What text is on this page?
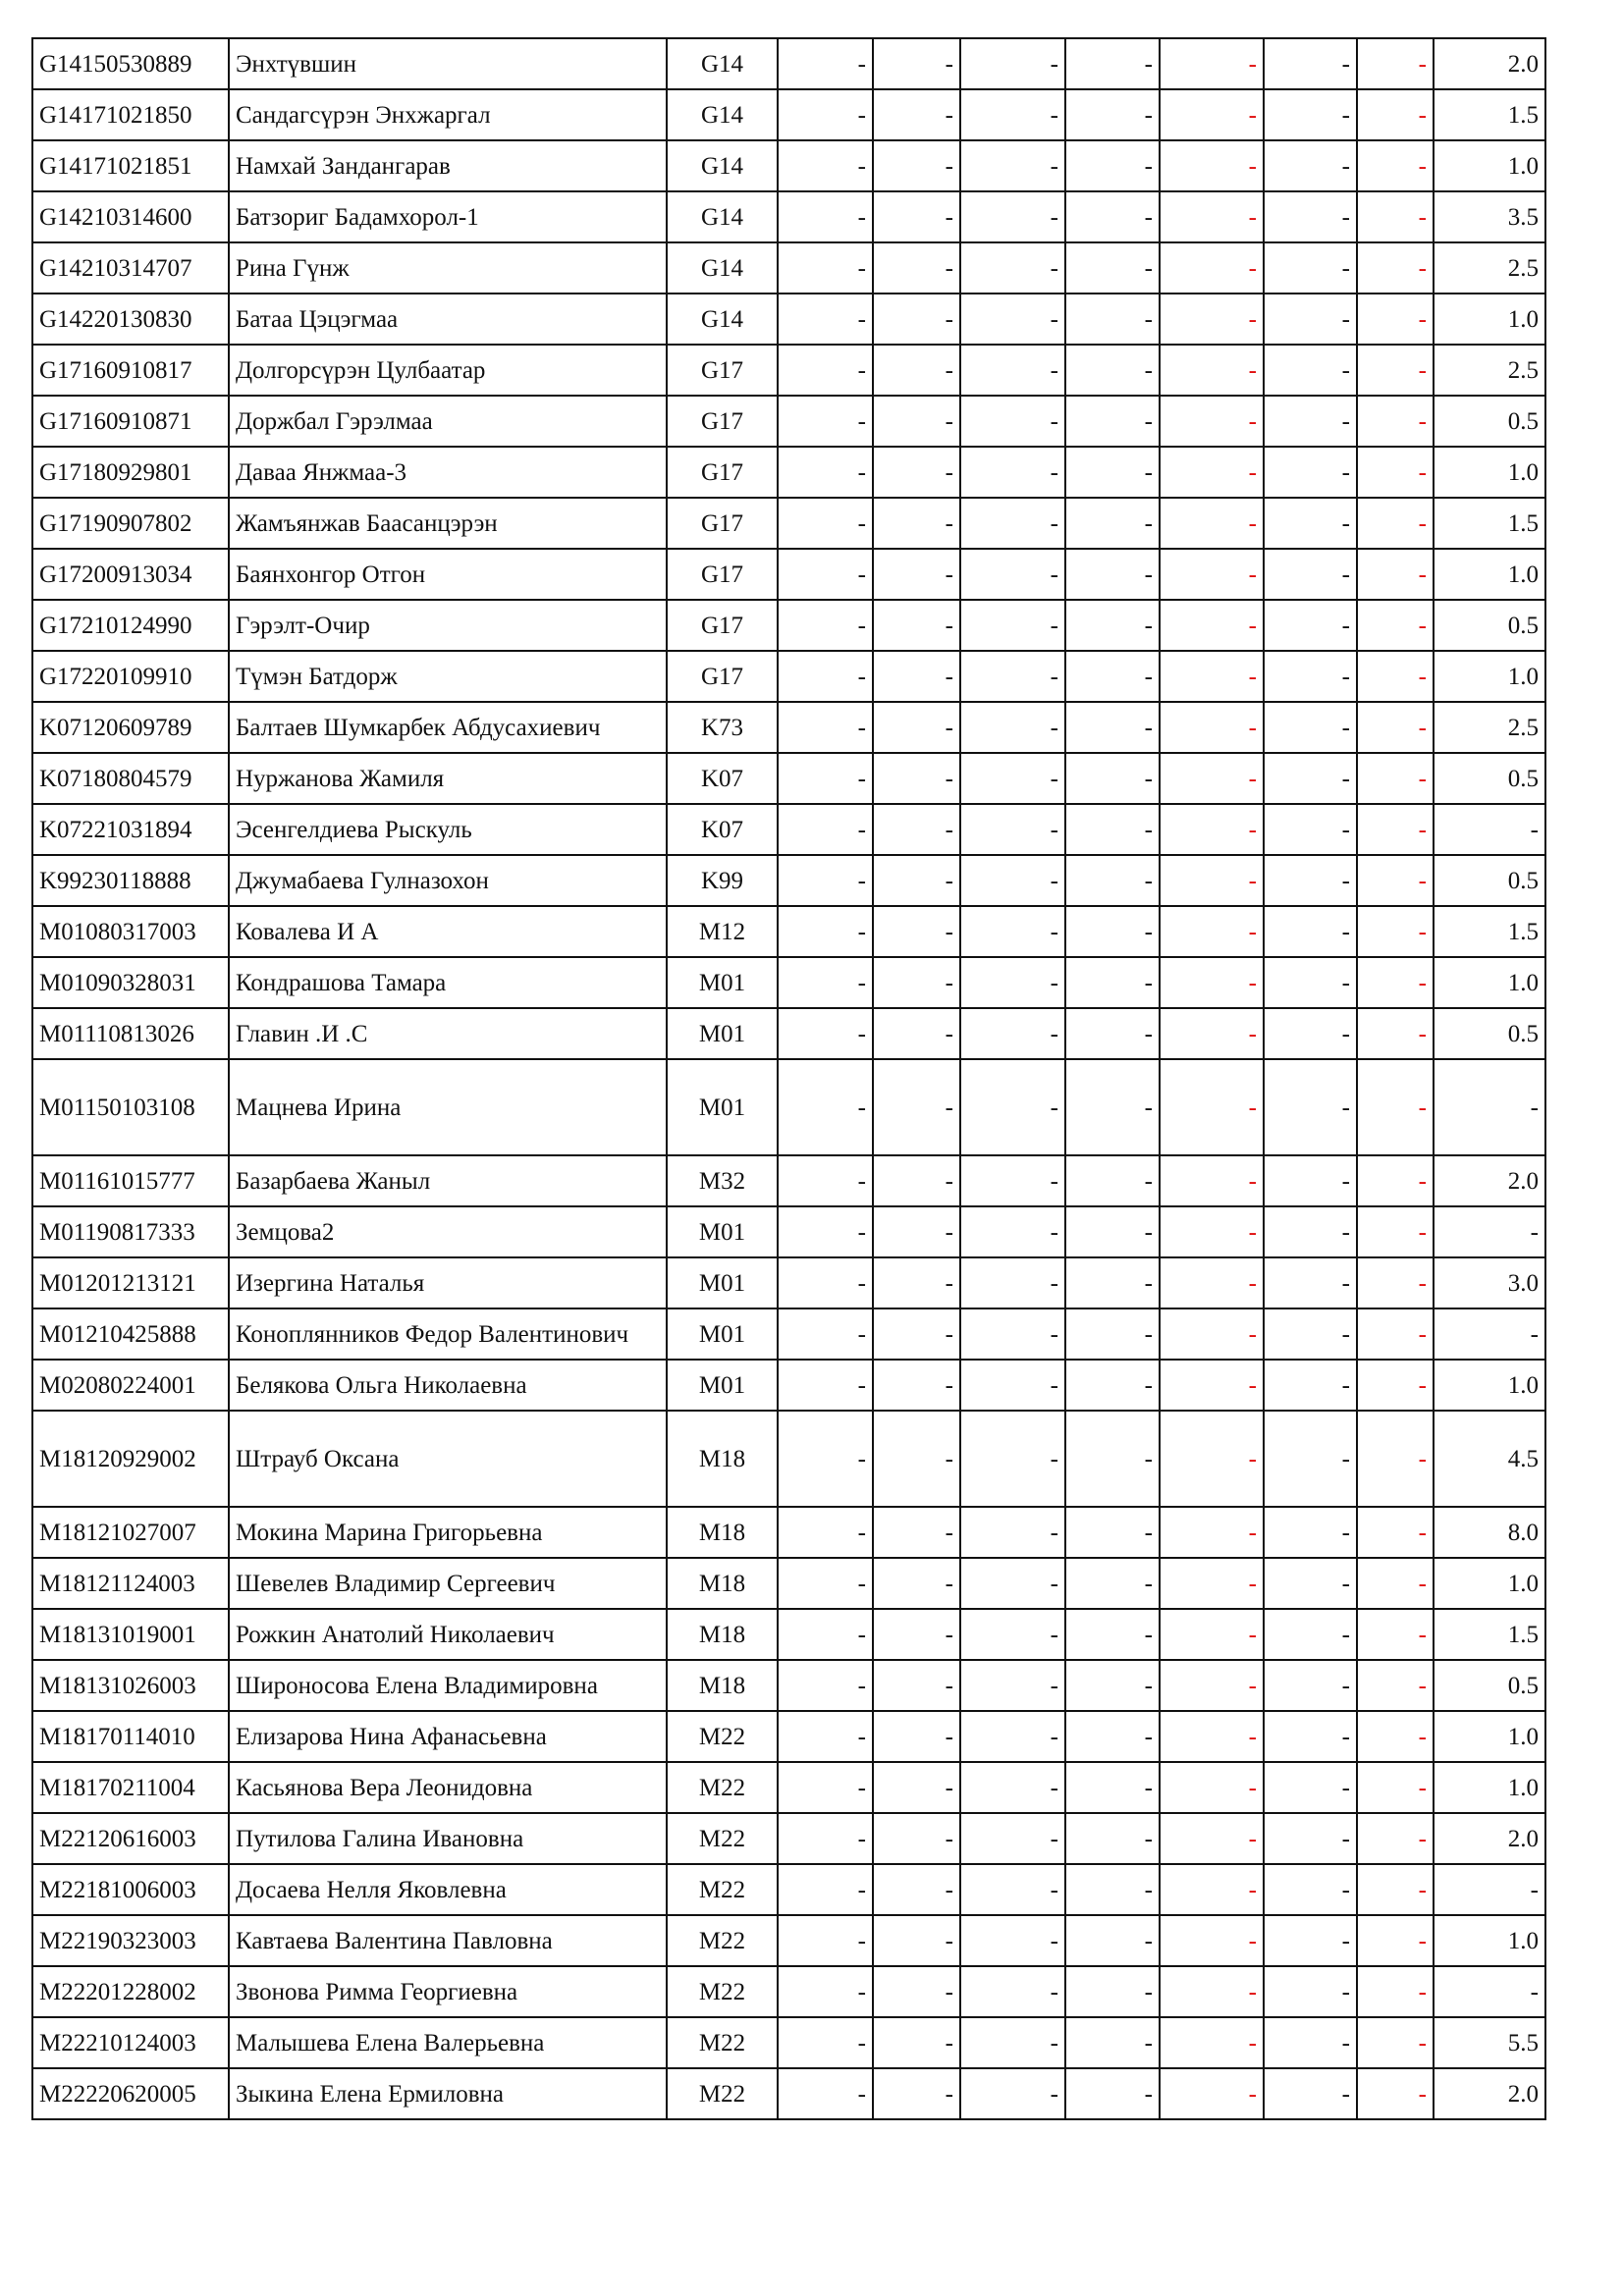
G14150530889	Энхтүвшин	G14	-	-	-	-	-	-	-	2.0
G14171021850	Сандагсүрэн Энхжаргал	G14	-	-	-	-	-	-	-	1.5
G14171021851	Намхай Зандангарав	G14	-	-	-	-	-	-	-	1.0
G14210314600	Батзориг Бадамхорол-1	G14	-	-	-	-	-	-	-	3.5
G14210314707	Рина Гүнж	G14	-	-	-	-	-	-	-	2.5
G14220130830	Батаа Цэцэгмаа	G14	-	-	-	-	-	-	-	1.0
G17160910817	Долгорсүрэн Цулбаатар	G17	-	-	-	-	-	-	-	2.5
G17160910871	Доржбал Гэрэлмаа	G17	-	-	-	-	-	-	-	0.5
G17180929801	Даваа Янжмаа-3	G17	-	-	-	-	-	-	-	1.0
G17190907802	Жамъянжав Баасанцэрэн	G17	-	-	-	-	-	-	-	1.5
G17200913034	Баянхонгор Отгон	G17	-	-	-	-	-	-	-	1.0
G17210124990	Гэрэлт-Очир	G17	-	-	-	-	-	-	-	0.5
G17220109910	Түмэн Батдорж	G17	-	-	-	-	-	-	-	1.0
K07120609789	Балтаев Шумкарбек Абдусахиевич	K73	-	-	-	-	-	-	-	2.5
K07180804579	Нуржанова Жамиля	K07	-	-	-	-	-	-	-	0.5
K07221031894	Эсенгелдиева Рыскуль	K07	-	-	-	-	-	-	-	-
K99230118888	Джумабаева Гулназохон	K99	-	-	-	-	-	-	-	0.5
M01080317003	Ковалева И А	M12	-	-	-	-	-	-	-	1.5
M01090328031	Кондрашова Тамара	M01	-	-	-	-	-	-	-	1.0
M01110813026	Главин .И .С	M01	-	-	-	-	-	-	-	0.5
M01150103108	Мацнева Ирина	M01	-	-	-	-	-	-	-	-
M01161015777	Базарбаева Жаныл	M32	-	-	-	-	-	-	-	2.0
M01190817333	Земцова2	M01	-	-	-	-	-	-	-	-
M01201213121	Изергина Наталья	M01	-	-	-	-	-	-	-	3.0
M01210425888	Коноплянников Федор Валентинович	M01	-	-	-	-	-	-	-	-
M02080224001	Белякова Ольга Николаевна	M01	-	-	-	-	-	-	-	1.0
M18120929002	Штрауб Оксана	M18	-	-	-	-	-	-	-	4.5
M18121027007	Мокина Марина Григорьевна	M18	-	-	-	-	-	-	-	8.0
M18121124003	Шевелев Владимир Сергеевич	M18	-	-	-	-	-	-	-	1.0
M18131019001	Рожкин Анатолий Николаевич	M18	-	-	-	-	-	-	-	1.5
M18131026003	Широносова Елена Владимировна	M18	-	-	-	-	-	-	-	0.5
M18170114010	Елизарова Нина Афанасьевна	M22	-	-	-	-	-	-	-	1.0
M18170211004	Касьянова Вера Леонидовна	M22	-	-	-	-	-	-	-	1.0
M22120616003	Путилова Галина Ивановна	M22	-	-	-	-	-	-	-	2.0
M22181006003	Досаева Нелля Яковлевна	M22	-	-	-	-	-	-	-	-
M22190323003	Кавтаева Валентина Павловна	M22	-	-	-	-	-	-	-	1.0
M22201228002	Звонова Римма Георгиевна	M22	-	-	-	-	-	-	-	-
M22210124003	Малышева Елена Валерьевна	M22	-	-	-	-	-	-	-	5.5
M22220620005	Зыкина Елена Ермиловна	M22	-	-	-	-	-	-	-	2.0
